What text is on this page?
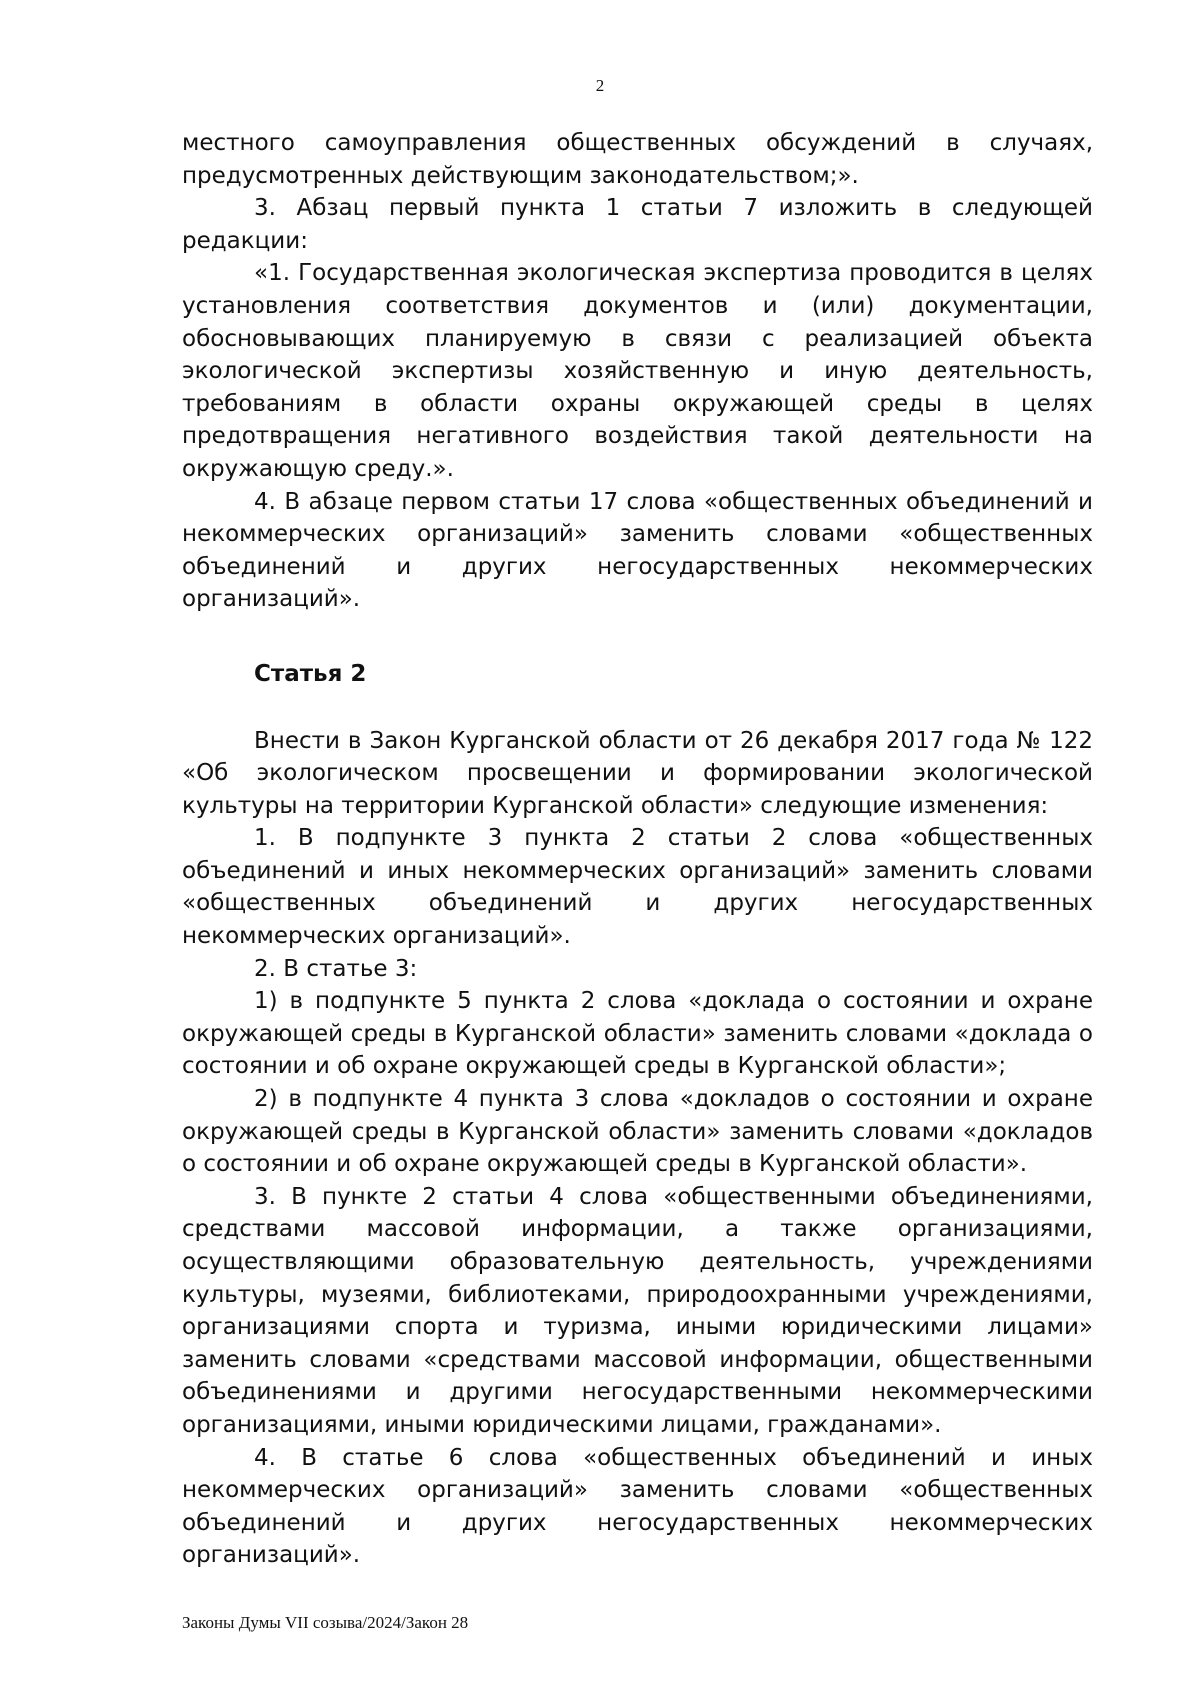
2

местного самоуправления общественных обсуждений в случаях, предусмотренных действующим законодательством;».

3. Абзац первый пункта 1 статьи 7 изложить в следующей редакции:

«1. Государственная экологическая экспертиза проводится в целях установления соответствия документов и (или) документации, обосновывающих планируемую в связи с реализацией объекта экологической экспертизы хозяйственную и иную деятельность, требованиям в области охраны окружающей среды в целях предотвращения негативного воздействия такой деятельности на окружающую среду.».

4. В абзаце первом статьи 17 слова «общественных объединений и некоммерческих организаций» заменить словами «общественных объединений и других негосударственных некоммерческих организаций».

Статья 2

Внести в Закон Курганской области от 26 декабря 2017 года № 122 «Об экологическом просвещении и формировании экологической культуры на территории Курганской области» следующие изменения:

1. В подпункте 3 пункта 2 статьи 2 слова «общественных объединений и иных некоммерческих организаций» заменить словами «общественных объединений и других негосударственных некоммерческих организаций».

2. В статье 3:

1) в подпункте 5 пункта 2 слова «доклада о состоянии и охране окружающей среды в Курганской области» заменить словами «доклада о состоянии и об охране окружающей среды в Курганской области»;

2) в подпункте 4 пункта 3 слова «докладов о состоянии и охране окружающей среды в Курганской области» заменить словами «докладов о состоянии и об охране окружающей среды в Курганской области».

3. В пункте 2 статьи 4 слова «общественными объединениями, средствами массовой информации, а также организациями, осуществляющими образовательную деятельность, учреждениями культуры, музеями, библиотеками, природоохранными учреждениями, организациями спорта и туризма, иными юридическими лицами» заменить словами «средствами массовой информации, общественными объединениями и другими негосударственными некоммерческими организациями, иными юридическими лицами, гражданами».

4. В статье 6 слова «общественных объединений и иных некоммерческих организаций» заменить словами «общественных объединений и других негосударственных некоммерческих организаций».

Законы Думы VII созыва/2024/Закон 28
